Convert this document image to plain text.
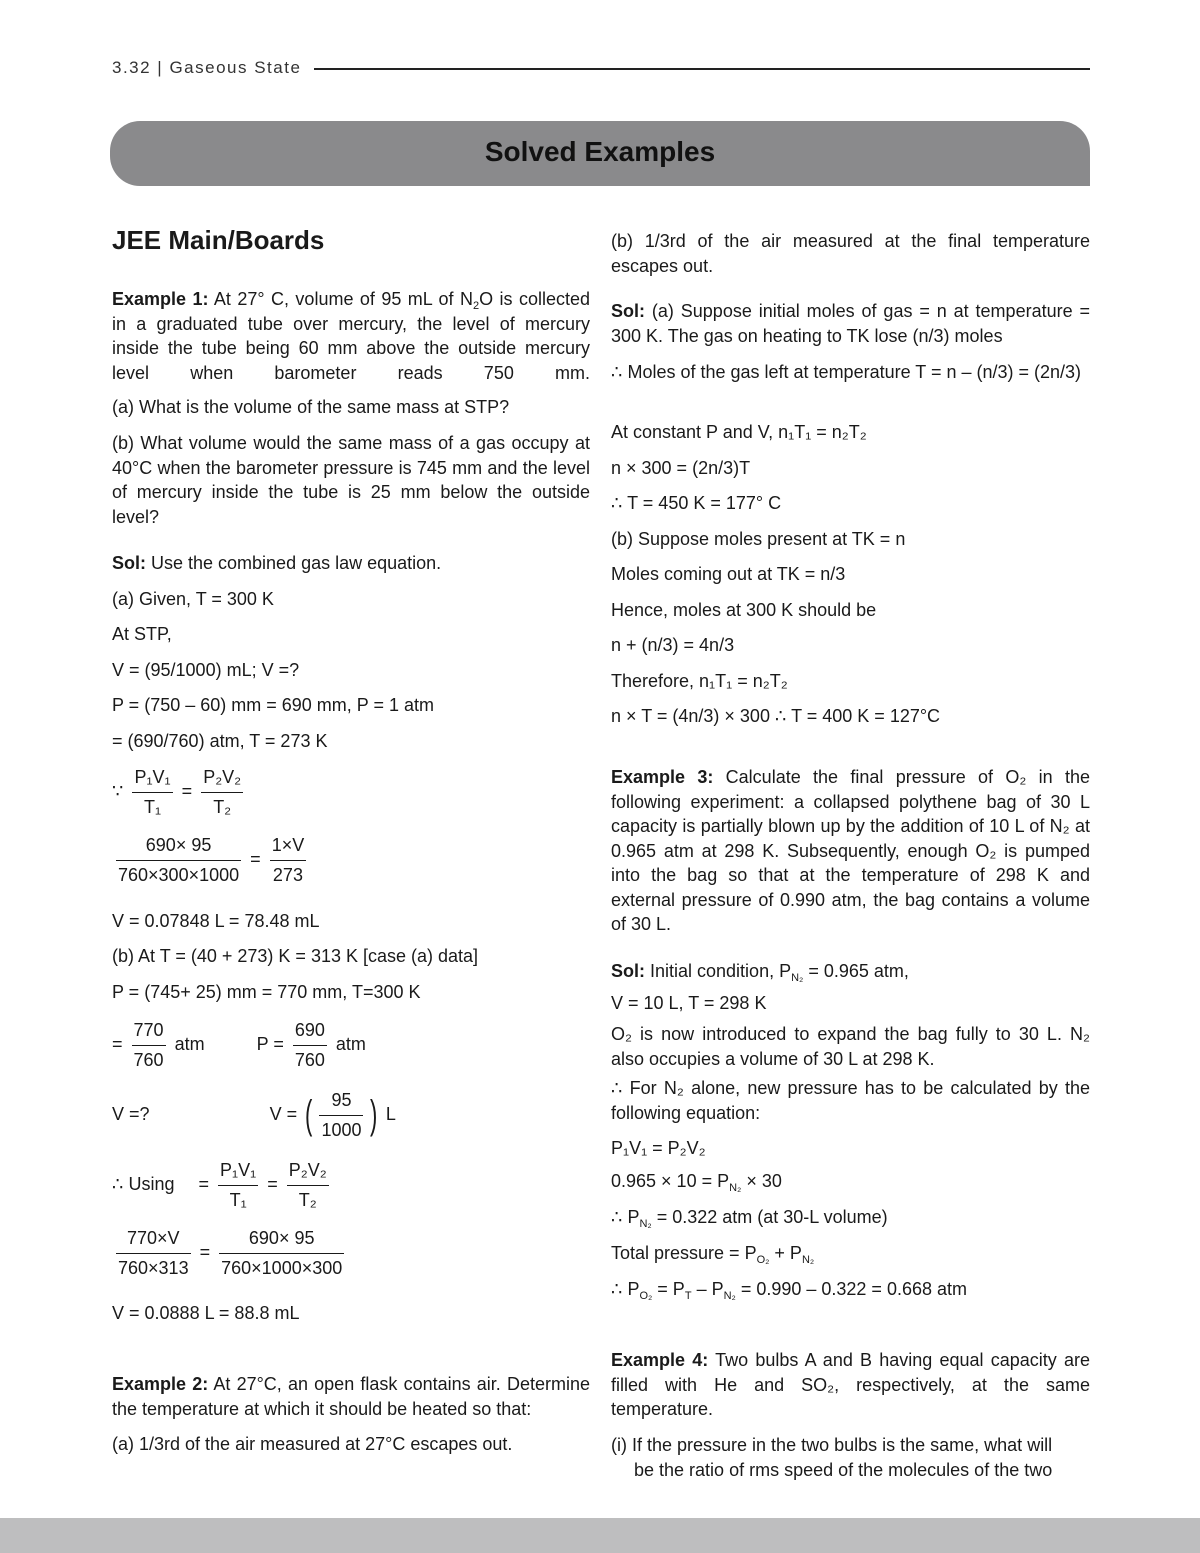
3.32 | Gaseous State
Solved Examples
JEE Main/Boards
Example 1: At 27° C, volume of 95 mL of $N_2O$ is collected in a graduated tube over mercury, the level of mercury inside the tube being 60 mm above the outside mercury level when barometer reads 750 mm.
(a) What is the volume of the same mass at STP?
(b) What volume would the same mass of a gas occupy at 40°C when the barometer pressure is 745 mm and the level of mercury inside the tube is 25 mm below the outside level?
Sol: Use the combined gas law equation.
(a) Given, T = 300 K
At STP,
V = (95/1000) mL; V =?
P = (750 – 60) mm = 690 mm, P = 1 atm
= (690/760) atm, T = 273 K
∵ $\frac{\text{P₁V₁}}{\text{T₁}} = \frac{\text{P₂V₂}}{\text{T₂}}$
$\frac{690\times 95}{760\times 300\times 1000} = \frac{1\times V}{273}$
V = 0.07848 L = 78.48 mL
(b) At T = (40 + 273) K = 313 K [case (a) data]
P = (745+ 25) mm = 770 mm, T=300 K
= $\frac{770}{760}$ atm	$P = \frac{690}{760}$ atm
V =?	V = ( $\frac{95}{1000}$ ) L
∴ $Using = \frac{\text{P₁V₁}}{\text{T₁}} = \frac{\text{P₂V₂}}{\text{T₂}}$
$\frac{770\times V}{760\times 313} = \frac{690\times 95}{760\times 1000\times 300}$
V = 0.0888 L = 88.8 mL
Example 2: At 27°C, an open flask contains air. Determine the temperature at which it should be heated so that:
(a) 1/3rd of the air measured at 27°C escapes out.
(b) 1/3rd of the air measured at the final temperature escapes out.
Sol: (a) Suppose initial moles of gas = n at temperature = 300 K. The gas on heating to TK lose (n/3) moles
∴ Moles of the gas left at temperature T = n – (n/3) = (2n/3)
At constant P and V, n₁T₁ = n₂T₂
n × 300 = (2n/3)T
∴ T = 450 K = 177° C
(b) Suppose moles present at TK = n
Moles coming out at TK = n/3
Hence, moles at 300 K should be
n + (n/3) = 4n/3
Therefore, n₁T₁ = n₂T₂
n × T = (4n/3) × 300 ∴ T = 400 K = 127°C
Example 3: Calculate the final pressure of O₂ in the following experiment: a collapsed polythene bag of 30 L capacity is partially blown up by the addition of 10 L of N₂ at 0.965 atm at 298 K. Subsequently, enough O₂ is pumped into the bag so that at the temperature of 298 K and external pressure of 0.990 atm, the bag contains a volume of 30 L.
Sol: Initial condition, $P_{N_2} = 0.965$ atm,
V = 10 L, T = 298 K
O₂ is now introduced to expand the bag fully to 30 L. N₂ also occupies a volume of 30 L at 298 K.
∴ For N₂ alone, new pressure has to be calculated by the following equation:
P₁V₁ = P₂V₂
$0.965 \times 10 = P_{N_2} \times 30$
∴ $P_{N_2} = 0.322$ atm (at 30-L volume)
Total pressure = $P_{O_2} + P_{N_2}$
∴ $P_{O_2} = P_T - P_{N_2} = 0.990 - 0.322 = 0.668$ atm
Example 4: Two bulbs A and B having equal capacity are filled with He and SO₂, respectively, at the same temperature.
(i) If the pressure in the two bulbs is the same, what will
be the ratio of rms speed of the molecules of the two
